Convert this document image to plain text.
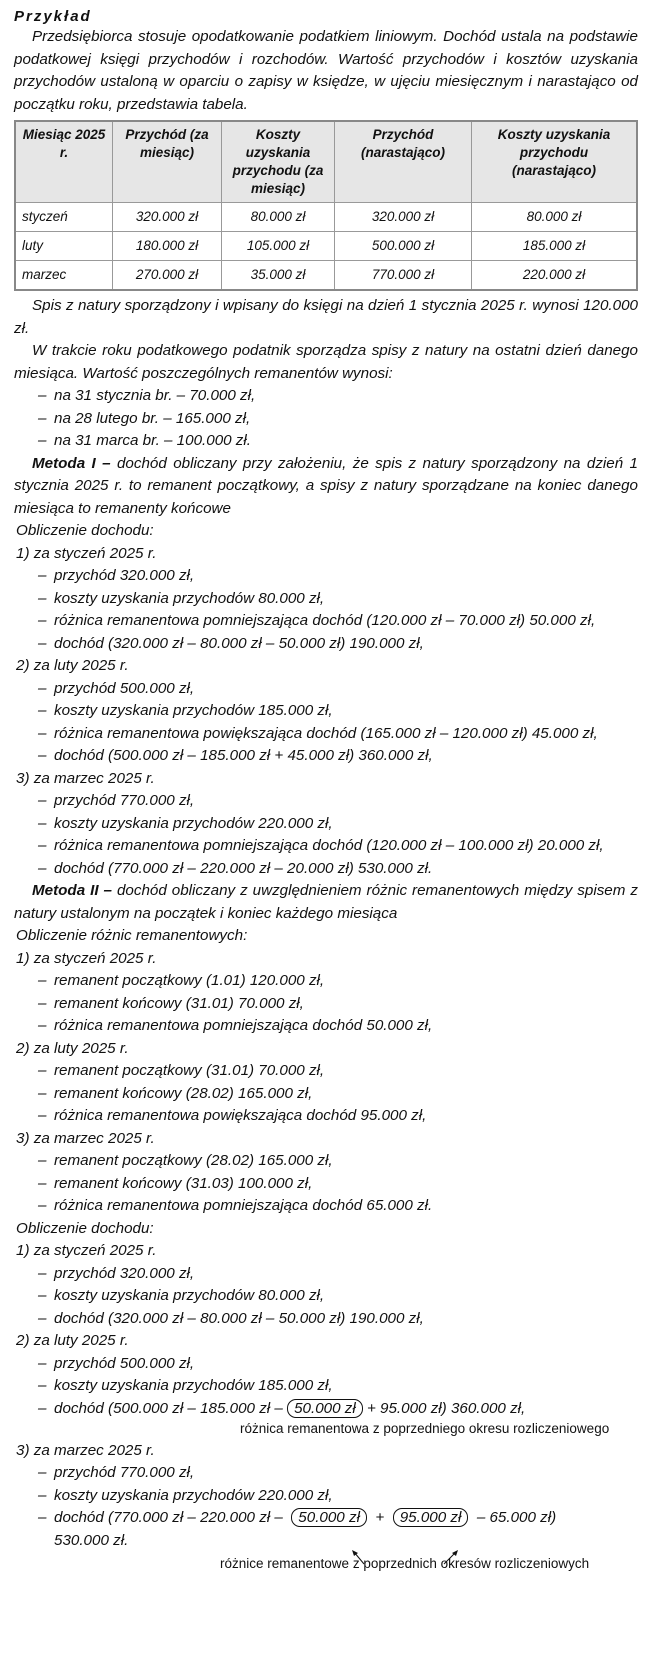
Przykład

Przedsiębiorca stosuje opodatkowanie podatkiem liniowym. Dochód ustala na podstawie podatkowej księgi przychodów i rozchodów. Wartość przychodów i kosztów uzyskania przychodów ustaloną w oparciu o zapisy w księdze, w ujęciu miesięcznym i narastająco od początku roku, przedstawia tabela.

Miesiąc 2025 r.	Przychód (za miesiąc)	Koszty uzyskania przychodu (za miesiąc)	Przychód (narastająco)	Koszty uzyskania przychodu (narastająco)
styczeń	320.000 zł	80.000 zł	320.000 zł	80.000 zł
luty	180.000 zł	105.000 zł	500.000 zł	185.000 zł
marzec	270.000 zł	35.000 zł	770.000 zł	220.000 zł

Spis z natury sporządzony i wpisany do księgi na dzień 1 stycznia 2025 r. wynosi 120.000 zł.

W trakcie roku podatkowego podatnik sporządza spisy z natury na ostatni dzień danego miesiąca. Wartość poszczególnych remanentów wynosi:

– na 31 stycznia br. – 70.000 zł,

– na 28 lutego br. – 165.000 zł,

– na 31 marca br. – 100.000 zł.

Metoda I – dochód obliczany przy założeniu, że spis z natury sporządzony na dzień 1 stycznia 2025 r. to remanent początkowy, a spisy z natury sporządzane na koniec danego miesiąca to remanenty końcowe

Obliczenie dochodu:

1) za styczeń 2025 r.

– przychód 320.000 zł,

– koszty uzyskania przychodów 80.000 zł,

– różnica remanentowa pomniejszająca dochód (120.000 zł – 70.000 zł) 50.000 zł,

– dochód (320.000 zł – 80.000 zł – 50.000 zł) 190.000 zł,

2) za luty 2025 r.

– przychód 500.000 zł,

– koszty uzyskania przychodów 185.000 zł,

– różnica remanentowa powiększająca dochód (165.000 zł – 120.000 zł) 45.000 zł,

– dochód (500.000 zł – 185.000 zł + 45.000 zł) 360.000 zł,

3) za marzec 2025 r.

– przychód 770.000 zł,

– koszty uzyskania przychodów 220.000 zł,

– różnica remanentowa pomniejszająca dochód (120.000 zł – 100.000 zł) 20.000 zł,

– dochód (770.000 zł – 220.000 zł – 20.000 zł) 530.000 zł.

Metoda II – dochód obliczany z uwzględnieniem różnic remanentowych między spisem z natury ustalonym na początek i koniec każdego miesiąca

Obliczenie różnic remanentowych:

1) za styczeń 2025 r.

– remanent początkowy (1.01) 120.000 zł,

– remanent końcowy (31.01) 70.000 zł,

– różnica remanentowa pomniejszająca dochód 50.000 zł,

2) za luty 2025 r.

– remanent początkowy (31.01) 70.000 zł,

– remanent końcowy (28.02) 165.000 zł,

– różnica remanentowa powiększająca dochód 95.000 zł,

3) za marzec 2025 r.

– remanent początkowy (28.02) 165.000 zł,

– remanent końcowy (31.03) 100.000 zł,

– różnica remanentowa pomniejszająca dochód 65.000 zł.

Obliczenie dochodu:

1) za styczeń 2025 r.

– przychód 320.000 zł,

– koszty uzyskania przychodów 80.000 zł,

– dochód (320.000 zł – 80.000 zł – 50.000 zł) 190.000 zł,

2) za luty 2025 r.

– przychód 500.000 zł,

– koszty uzyskania przychodów 185.000 zł,

– dochód (500.000 zł – 185.000 zł – 50.000 zł + 95.000 zł) 360.000 zł,

różnica remanentowa z poprzedniego okresu rozliczeniowego

3) za marzec 2025 r.

– przychód 770.000 zł,

– koszty uzyskania przychodów 220.000 zł,

– dochód (770.000 zł – 220.000 zł – 50.000 zł + 95.000 zł – 65.000 zł)
530.000 zł.

różnice remanentowe z poprzednich okresów rozliczeniowych
